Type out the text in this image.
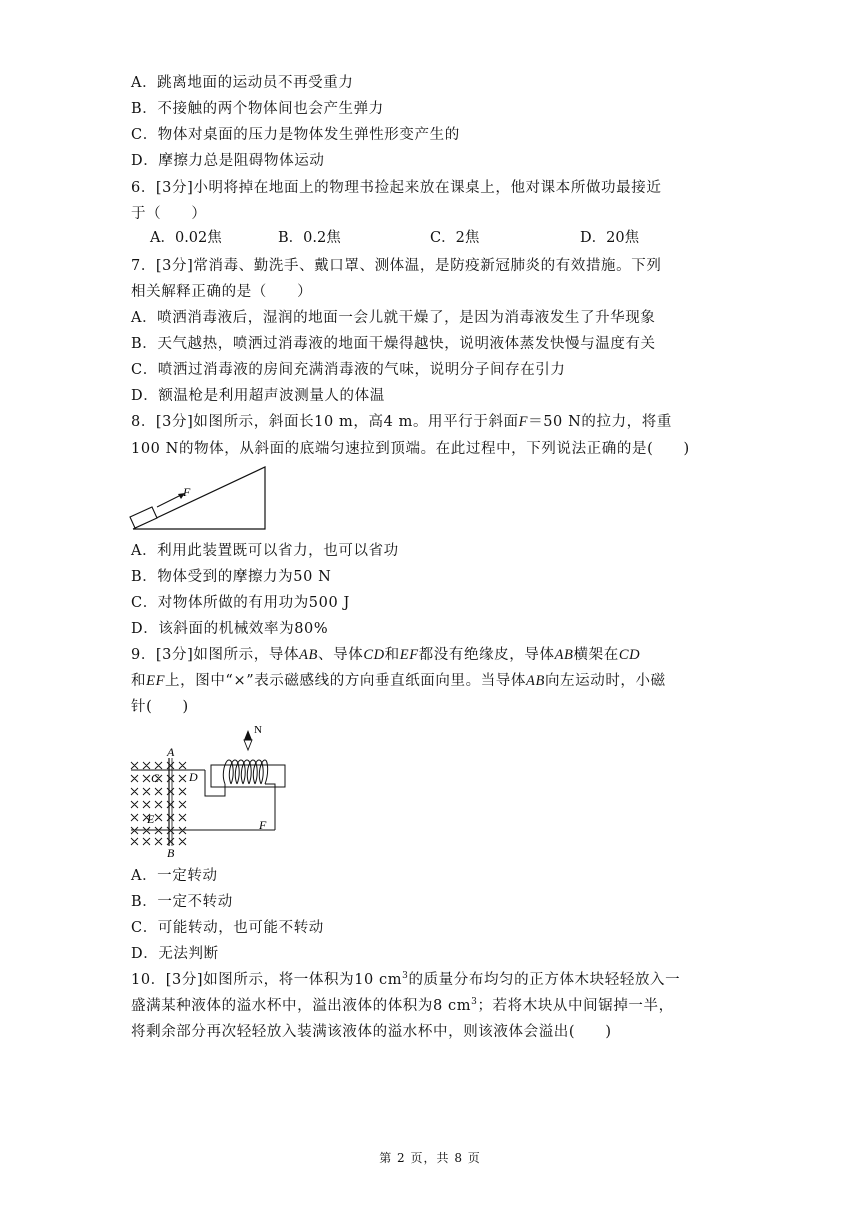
A．跳离地面的运动员不再受重力
B．不接触的两个物体间也会产生弹力
C．物体对桌面的压力是物体发生弹性形变产生的
D．摩擦力总是阻碍物体运动
6．[3分]小明将掉在地面上的物理书捡起来放在课桌上，他对课本所做功最接近
于（　　）
A．0.02焦	B．0.2焦	C．2焦	D．20焦
7．[3分]常消毒、勤洗手、戴口罩、测体温，是防疫新冠肺炎的有效措施。下列
相关解释正确的是（　　）
A．喷洒消毒液后，湿润的地面一会儿就干燥了，是因为消毒液发生了升华现象
B．天气越热，喷洒过消毒液的地面干燥得越快，说明液体蒸发快慢与温度有关
C．喷洒过消毒液的房间充满消毒液的气味，说明分子间存在引力
D．额温枪是利用超声波测量人的体温
8．[3分]如图所示，斜面长10 m，高4 m。用平行于斜面F＝50 N的拉力，将重
100 N的物体，从斜面的底端匀速拉到顶端。在此过程中，下列说法正确的是(　　)
F
A．利用此装置既可以省力，也可以省功
B．物体受到的摩擦力为50 N
C．对物体所做的有用功为500 J
D．该斜面的机械效率为80%
9．[3分]如图所示，导体AB、导体CD和EF都没有绝缘皮，导体AB横架在CD
和EF上，图中“×”表示磁感线的方向垂直纸面向里。当导体AB向左运动时，小磁
针(　　)
N
A
B
C D
E	F
A．一定转动
B．一定不转动
C．可能转动，也可能不转动
D．无法判断
10．[3分]如图所示，将一体积为10 $cm^3$的质量分布均匀的正方体木块轻轻放入一
盛满某种液体的溢水杯中，溢出液体的体积为8 $cm^3$；若将木块从中间锯掉一半，
将剩余部分再次轻轻放入装满该液体的溢水杯中，则该液体会溢出(　　)
第 2 页，共 8 页
